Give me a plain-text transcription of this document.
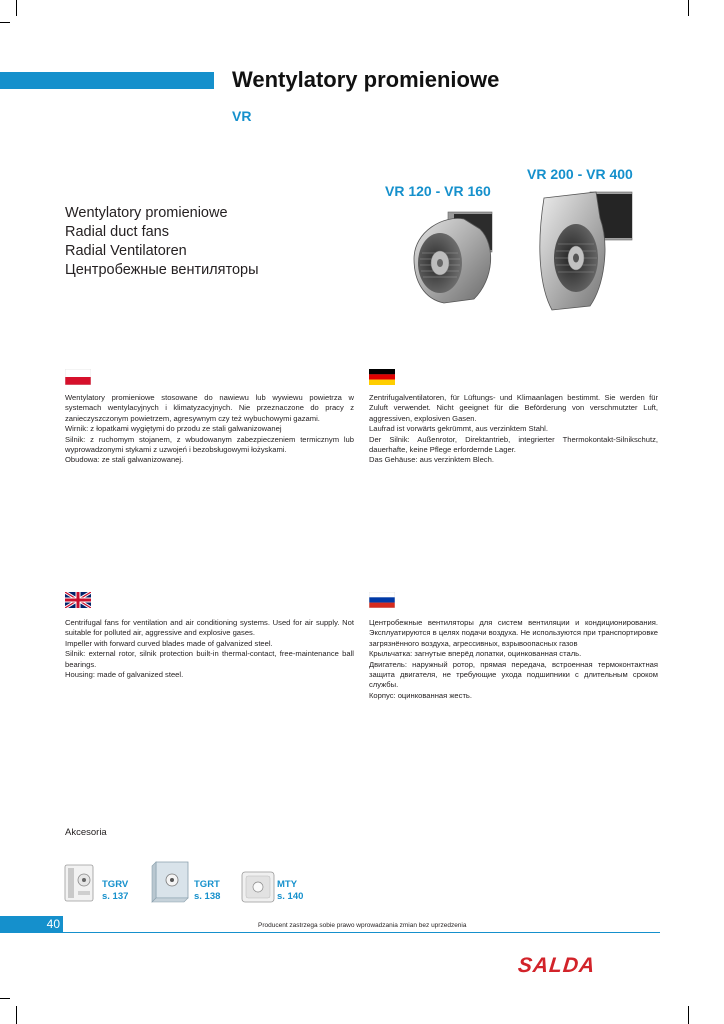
Wentylatory promieniowe
VR
VR 120 - VR 160
VR 200 - VR 400
Wentylatory promieniowe
Radial duct fans
Radial Ventilatoren
Центробежные вентиляторы
Wentylatory promieniowe stosowane do nawiewu lub wywiewu powietrza w systemach wentylacyjnych i klimatyzacyjnych. Nie przeznaczone do pracy z zanieczyszczonym powietrzem, agresywnym czy też wybuchowymi gazami.
Wirnik: z łopatkami wygiętymi do przodu ze stali galwanizowanej
Silnik: z ruchomym stojanem, z wbudowanym zabezpieczeniem termicznym lub wyprowadzonymi stykami z uzwojeń i bezobsługowymi łożyskami.
Obudowa: ze stali galwanizowanej.
Zentrifugalventilatoren, für Lüftungs- und Klimaanlagen bestimmt. Sie werden für Zuluft verwendet. Nicht geeignet für die Beförderung von verschmutzter Luft, aggressiven, explosiven Gasen.
Laufrad ist vorwärts gekrümmt, aus verzinktem Stahl.
Der Silnik: Außenrotor, Direktantrieb, integrierter Thermokontakt-Silnikschutz, dauerhafte, keine Pflege erfordernde Lager.
Das Gehäuse: aus verzinktem Blech.
Centrifugal fans for ventilation and air conditioning systems. Used for air supply. Not suitable for polluted air, aggressive and explosive gases.
Impeller with forward curved blades made of galvanized steel.
Silnik: external rotor, silnik protection built-in thermal-contact, free-maintenance ball bearings.
Housing: made of galvanized steel.
Центробежные вентиляторы для систем вентиляции и кондиционирования. Эксплуатируются в целях подачи воздуха. Не используются при транспортировке загрязнённого воздуха, агрессивных, взрывоопасных газов
Крыльчатка: загнутые вперёд лопатки, оцинкованная сталь.
Двигатель: наружный ротор, прямая передача, встроенная термоконтактная защита двигателя, не требующие ухода подшипники с длительным сроком службы.
Корпус: оцинкованная жесть.
Akcesoria
TGRV
s. 137
TGRT
s. 138
MTY
s. 140
40	Producent zastrzega sobie prawo wprowadzania zmian bez uprzedzenia
SALDA
